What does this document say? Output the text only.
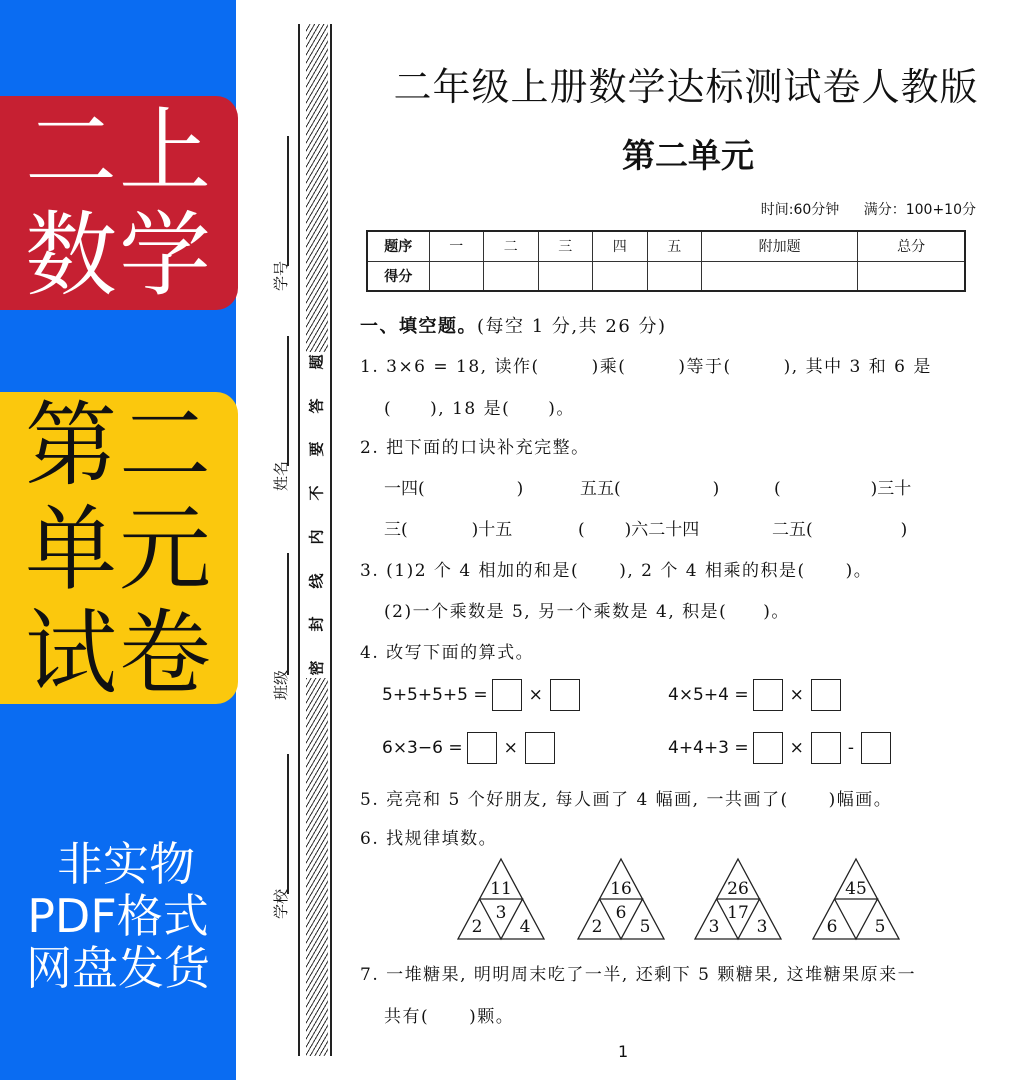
二上
数学
第二
单元
试卷
非实物
PDF格式
网盘发货
题
答
要
不
内
线
封
密
学号
姓名
班级
学校
二年级上册数学达标测试卷人教版
第二单元
时间:60分钟 满分：100+10分
题序	一	二	三	四	五	附加题	总分
得分							
一、填空题。(每空 1 分,共 26 分)
1. 3×6 = 18, 读作(	)乘(	)等于(	), 其中 3 和 6 是
( ), 18 是( )。
2. 把下面的口诀补充完整。
一四(	)	五五(	)	(	)三十
三(	)十五	( )六二十四	二五(	)
3. (1)2 个 4 相加的和是( ), 2 个 4 相乘的积是( )。
(2)一个乘数是 5, 另一个乘数是 4, 积是( )。
4. 改写下面的算式。
5+5+5+5 = ×	4×5+4 = ×
6×3−6 = ×	4+4+3 = ×	-
5. 亮亮和 5 个好朋友, 每人画了 4 幅画, 一共画了( )幅画。
6. 找规律填数。
11
3
2	4
16
6
2	5
26
17
3	3
45
6	5
7. 一堆糖果, 明明周末吃了一半, 还剩下 5 颗糖果, 这堆糖果原来一
共有( )颗。
1
